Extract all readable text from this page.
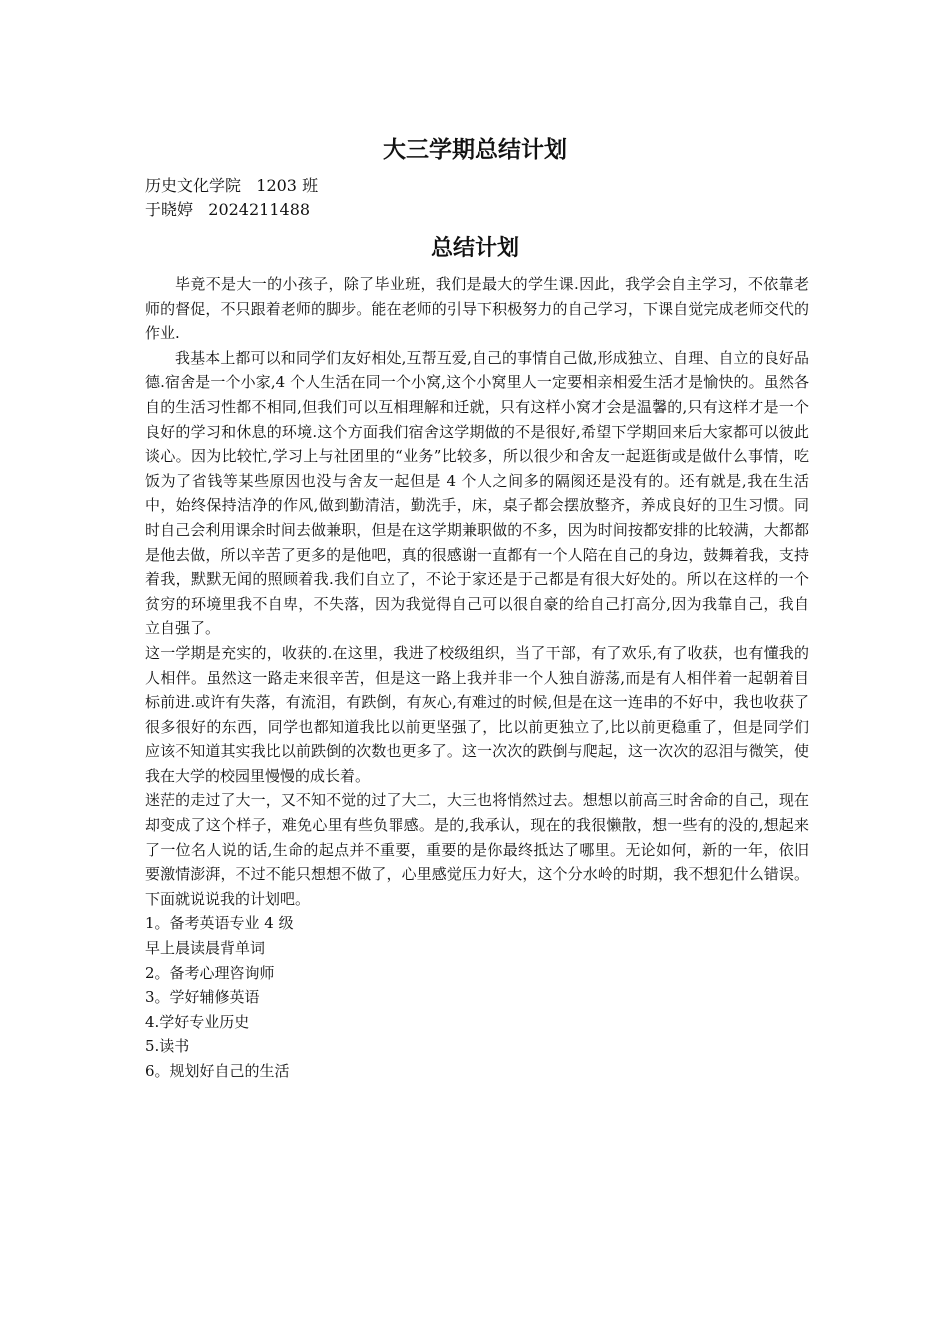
大三学期总结计划

历史文化学院   1203 班

于晓婷   2024211488

总结计划

毕竟不是大一的小孩子，除了毕业班，我们是最大的学生课.因此，我学会自主学习，不依靠老师的督促，不只跟着老师的脚步。能在老师的引导下积极努力的自己学习，下课自觉完成老师交代的作业.

我基本上都可以和同学们友好相处,互帮互爱,自己的事情自己做,形成独立、自理、自立的良好品德.宿舍是一个小家,4 个人生活在同一个小窝,这个小窝里人一定要相亲相爱生活才是愉快的。虽然各自的生活习性都不相同,但我们可以互相理解和迁就，只有这样小窝才会是温馨的,只有这样才是一个良好的学习和休息的环境.这个方面我们宿舍这学期做的不是很好,希望下学期回来后大家都可以彼此谈心。因为比较忙,学习上与社团里的“业务”比较多，所以很少和舍友一起逛街或是做什么事情，吃饭为了省钱等某些原因也没与舍友一起但是 4 个人之间多的隔阂还是没有的。还有就是,我在生活中，始终保持洁净的作风,做到勤清洁，勤洗手，床，桌子都会摆放整齐，养成良好的卫生习惯。同时自己会利用课余时间去做兼职，但是在这学期兼职做的不多，因为时间按都安排的比较满，大都都是他去做，所以辛苦了更多的是他吧，真的很感谢一直都有一个人陪在自己的身边，鼓舞着我，支持着我，默默无闻的照顾着我.我们自立了，不论于家还是于己都是有很大好处的。所以在这样的一个贫穷的环境里我不自卑，不失落，因为我觉得自己可以很自豪的给自己打高分,因为我靠自己，我自立自强了。

这一学期是充实的，收获的.在这里，我进了校级组织，当了干部，有了欢乐,有了收获，也有懂我的人相伴。虽然这一路走来很辛苦，但是这一路上我并非一个人独自游荡,而是有人相伴着一起朝着目标前进.或许有失落，有流泪，有跌倒，有灰心,有难过的时候,但是在这一连串的不好中，我也收获了很多很好的东西，同学也都知道我比以前更坚强了，比以前更独立了,比以前更稳重了，但是同学们应该不知道其实我比以前跌倒的次数也更多了。这一次次的跌倒与爬起，这一次次的忍泪与微笑，使我在大学的校园里慢慢的成长着。

迷茫的走过了大一，又不知不觉的过了大二，大三也将悄然过去。想想以前高三时舍命的自己，现在却变成了这个样子，难免心里有些负罪感。是的,我承认，现在的我很懒散，想一些有的没的,想起来了一位名人说的话,生命的起点并不重要，重要的是你最终抵达了哪里。无论如何，新的一年，依旧要激情澎湃，不过不能只想想不做了，心里感觉压力好大，这个分水岭的时期，我不想犯什么错误。下面就说说我的计划吧。

1。备考英语专业 4 级

早上晨读晨背单词

2。备考心理咨询师

3。学好辅修英语

4.学好专业历史

5.读书

6。规划好自己的生活
